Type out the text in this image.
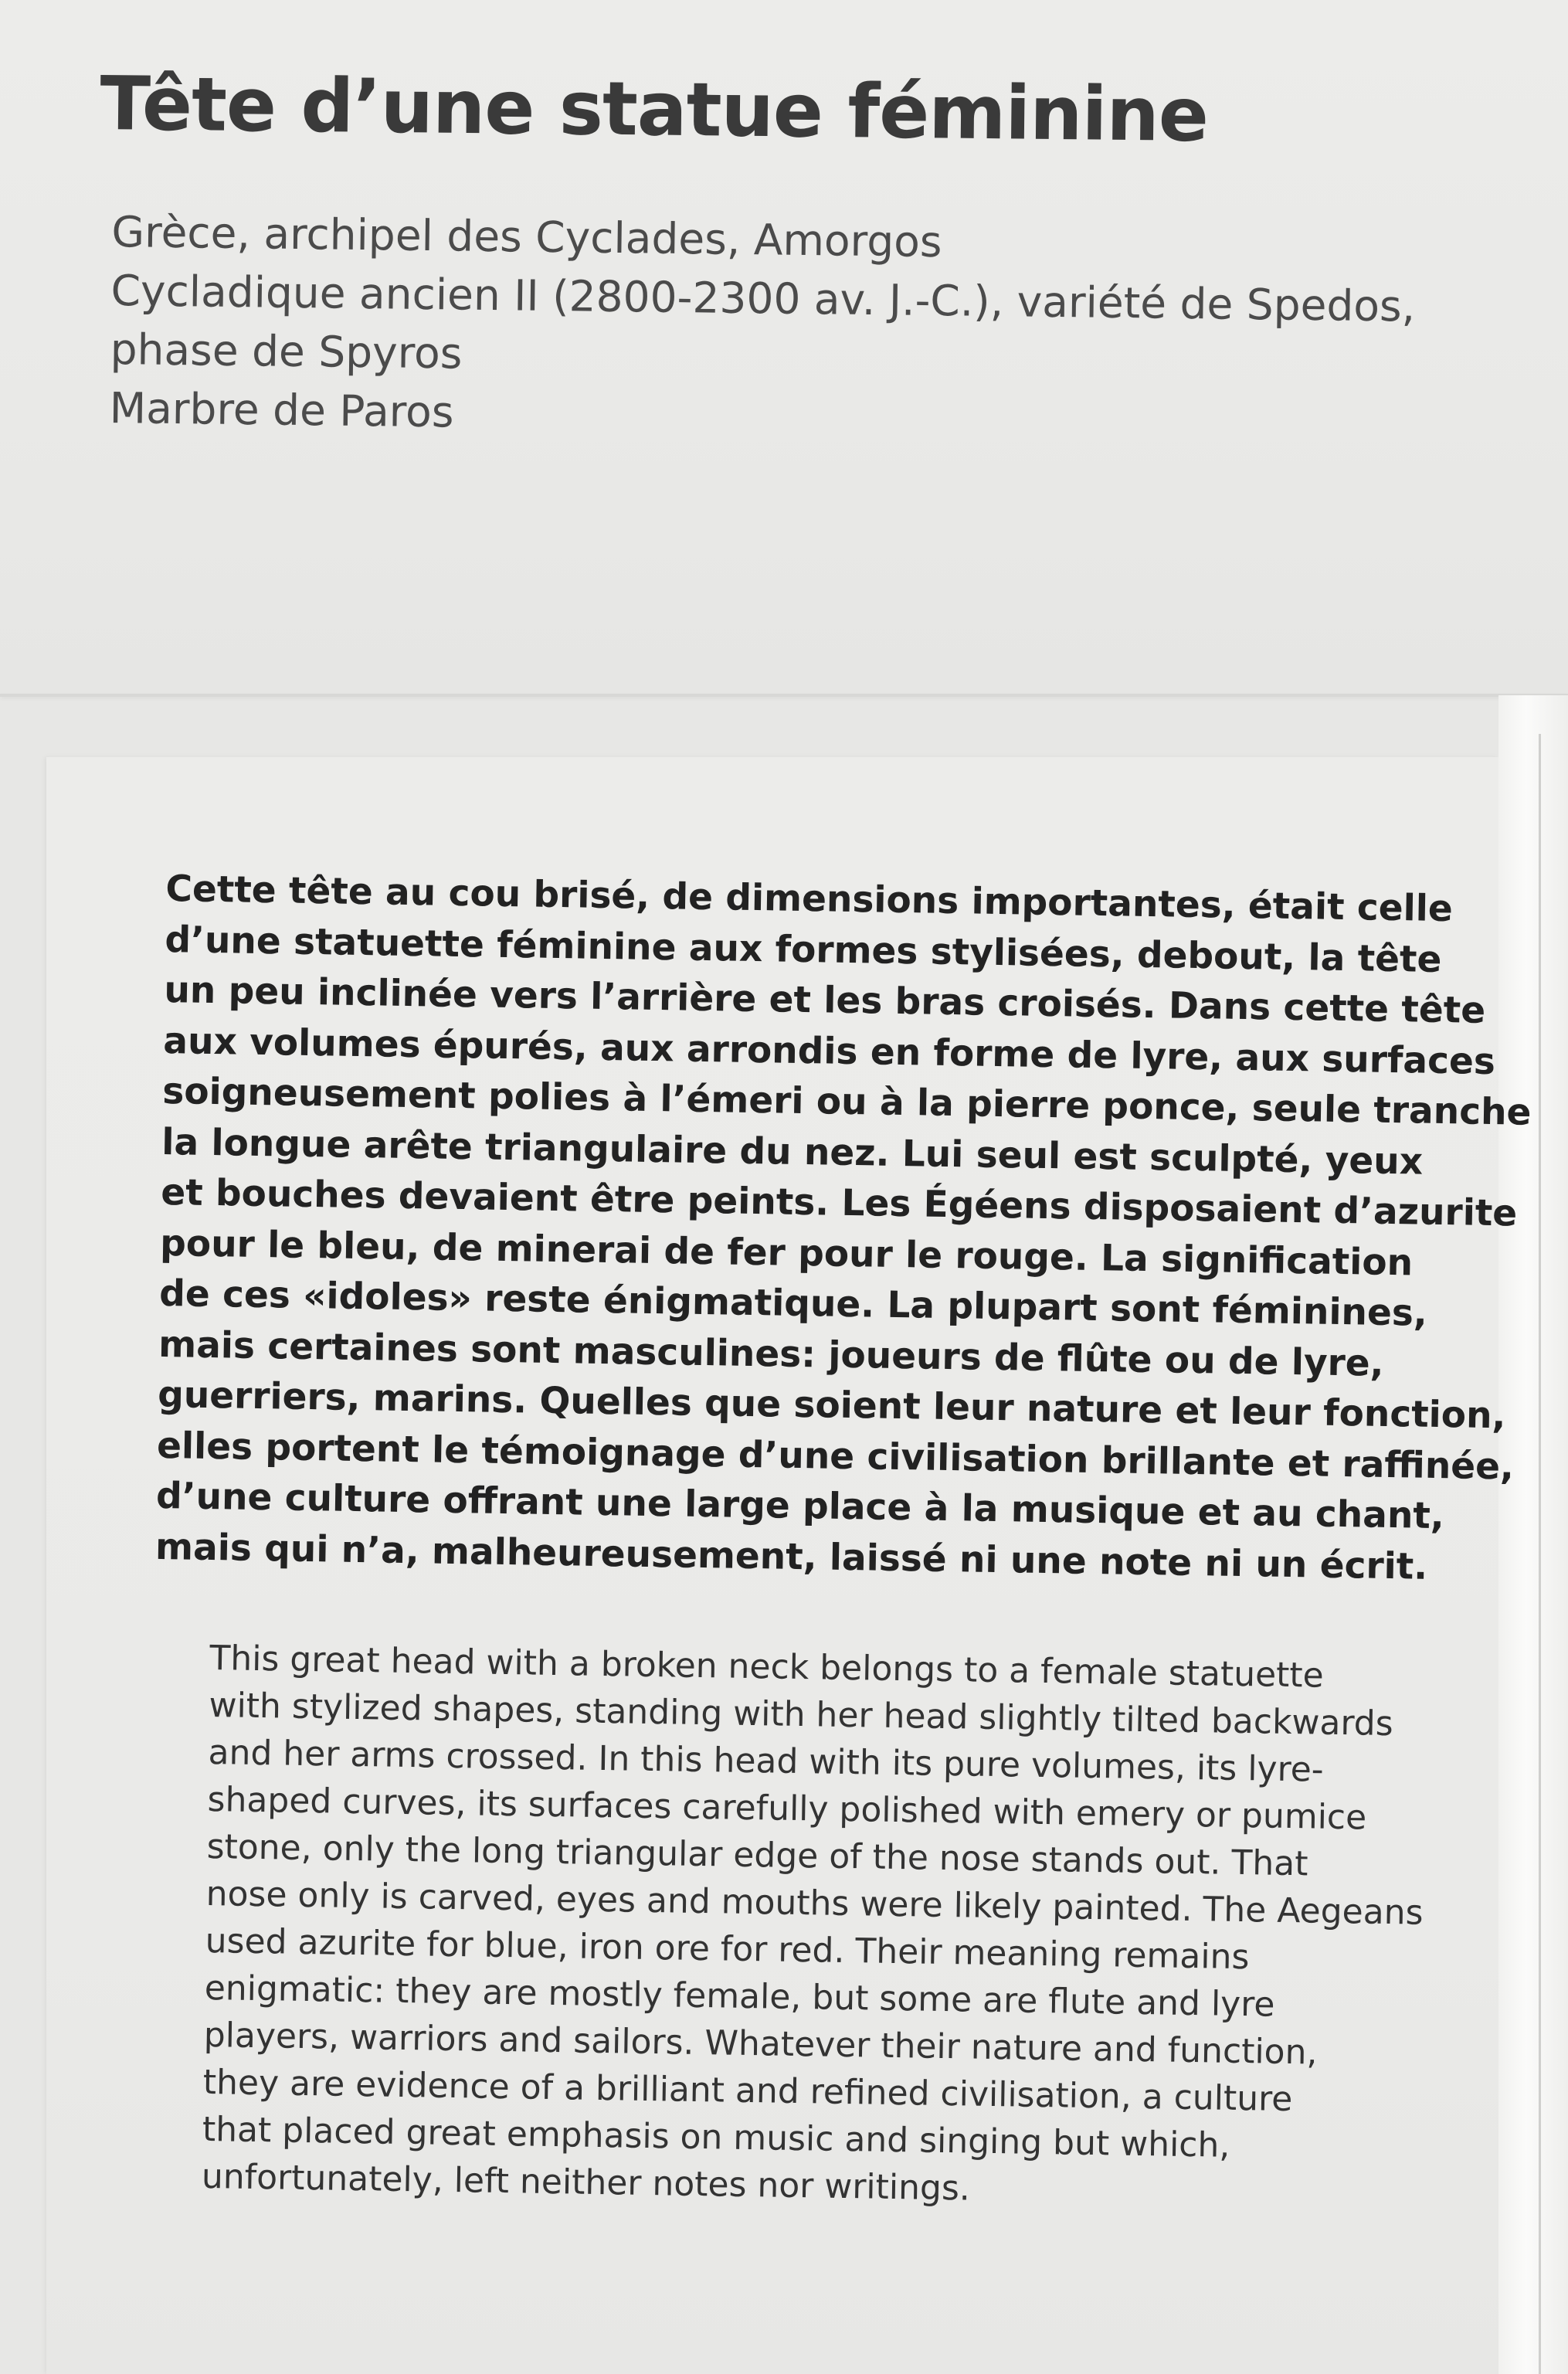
Tête d’une statue féminine
Grèce, archipel des Cyclades, Amorgos
Cycladique ancien II (2800-2300 av. J.-C.), variété de Spedos,
phase de Spyros
Marbre de Paros
Cette tête au cou brisé, de dimensions importantes, était celle
d’une statuette féminine aux formes stylisées, debout, la tête
un peu inclinée vers l’arrière et les bras croisés. Dans cette tête
aux volumes épurés, aux arrondis en forme de lyre, aux surfaces
soigneusement polies à l’émeri ou à la pierre ponce, seule tranche
la longue arête triangulaire du nez. Lui seul est sculpté, yeux
et bouches devaient être peints. Les Égéens disposaient d’azurite
pour le bleu, de minerai de fer pour le rouge. La signification
de ces «idoles» reste énigmatique. La plupart sont féminines,
mais certaines sont masculines: joueurs de flûte ou de lyre,
guerriers, marins. Quelles que soient leur nature et leur fonction,
elles portent le témoignage d’une civilisation brillante et raffinée,
d’une culture offrant une large place à la musique et au chant,
mais qui n’a, malheureusement, laissé ni une note ni un écrit.
This great head with a broken neck belongs to a female statuette
with stylized shapes, standing with her head slightly tilted backwards
and her arms crossed. In this head with its pure volumes, its lyre-
shaped curves, its surfaces carefully polished with emery or pumice
stone, only the long triangular edge of the nose stands out. That
nose only is carved, eyes and mouths were likely painted. The Aegeans
used azurite for blue, iron ore for red. Their meaning remains
enigmatic: they are mostly female, but some are flute and lyre
players, warriors and sailors. Whatever their nature and function,
they are evidence of a brilliant and refined civilisation, a culture
that placed great emphasis on music and singing but which,
unfortunately, left neither notes nor writings.
